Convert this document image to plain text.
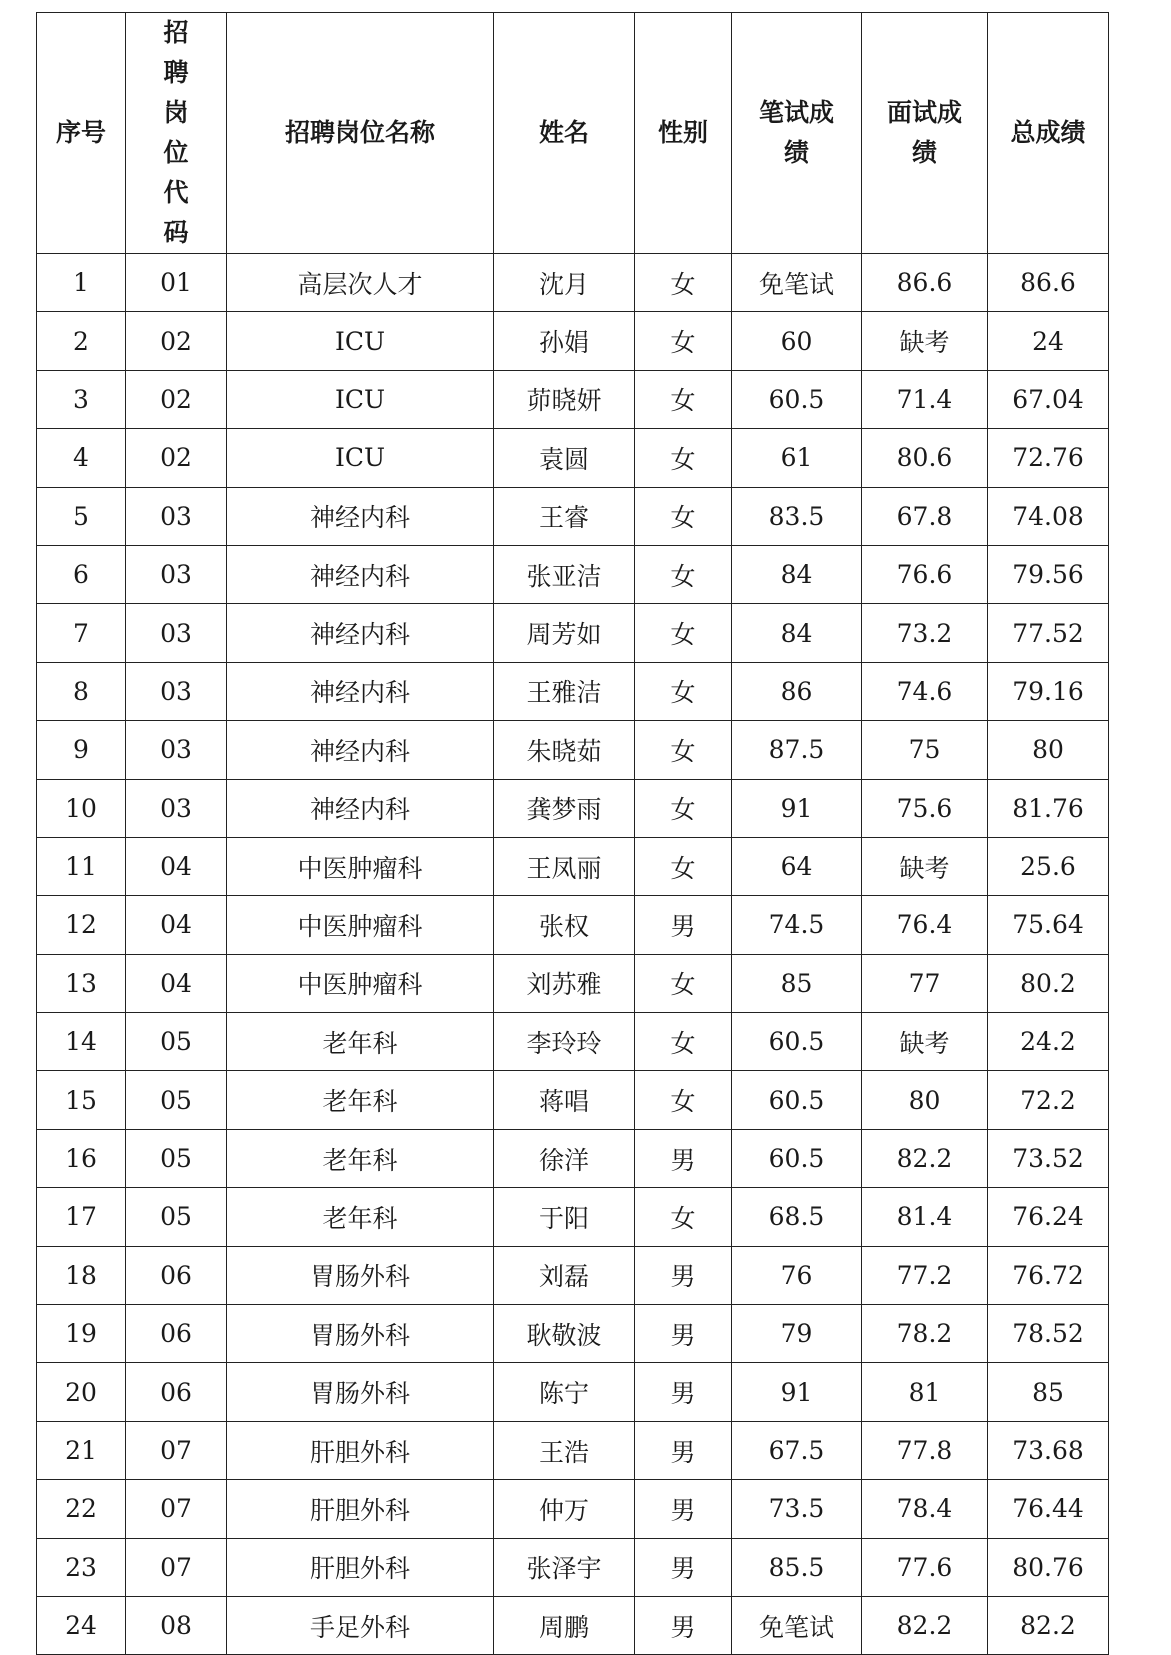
序号	招聘岗位代码	招聘岗位名称	姓名	性别	笔试成绩	面试成绩	总成绩
1	01	高层次人才	沈月	女	免笔试	86.6	86.6
2	02	ICU	孙娟	女	60	缺考	24
3	02	ICU	茆晓妍	女	60.5	71.4	67.04
4	02	ICU	袁圆	女	61	80.6	72.76
5	03	神经内科	王睿	女	83.5	67.8	74.08
6	03	神经内科	张亚洁	女	84	76.6	79.56
7	03	神经内科	周芳如	女	84	73.2	77.52
8	03	神经内科	王雅洁	女	86	74.6	79.16
9	03	神经内科	朱晓茹	女	87.5	75	80
10	03	神经内科	龚梦雨	女	91	75.6	81.76
11	04	中医肿瘤科	王凤丽	女	64	缺考	25.6
12	04	中医肿瘤科	张权	男	74.5	76.4	75.64
13	04	中医肿瘤科	刘苏雅	女	85	77	80.2
14	05	老年科	李玲玲	女	60.5	缺考	24.2
15	05	老年科	蒋唱	女	60.5	80	72.2
16	05	老年科	徐洋	男	60.5	82.2	73.52
17	05	老年科	于阳	女	68.5	81.4	76.24
18	06	胃肠外科	刘磊	男	76	77.2	76.72
19	06	胃肠外科	耿敬波	男	79	78.2	78.52
20	06	胃肠外科	陈宁	男	91	81	85
21	07	肝胆外科	王浩	男	67.5	77.8	73.68
22	07	肝胆外科	仲万	男	73.5	78.4	76.44
23	07	肝胆外科	张泽宇	男	85.5	77.6	80.76
24	08	手足外科	周鹏	男	免笔试	82.2	82.2
